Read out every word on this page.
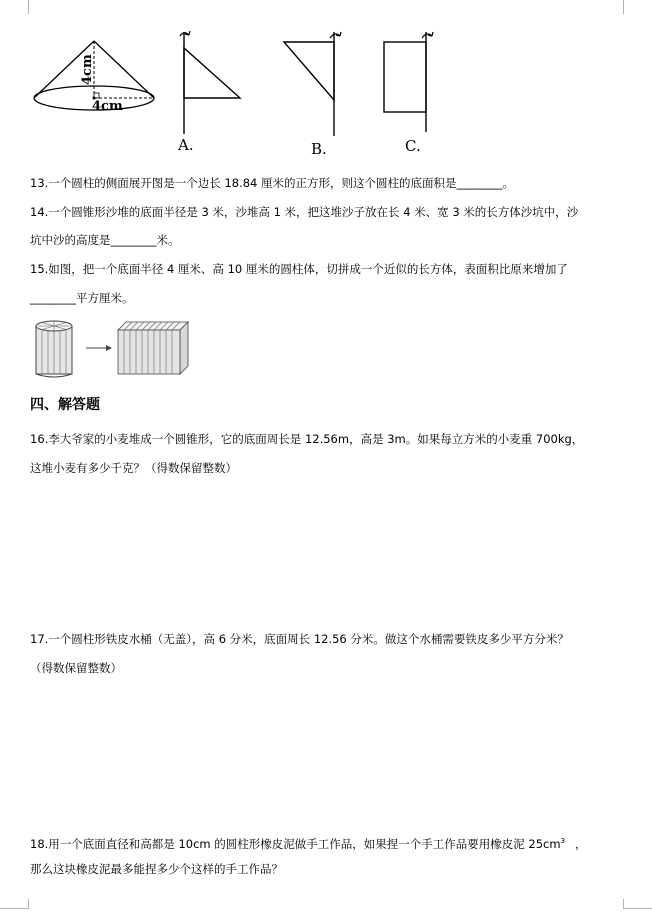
4cm
4cm
A.	B.	C.
13.一个圆柱的侧面展开图是一个边长 18.84 厘米的正方形，则这个圆柱的底面积是________。
14.一个圆锥形沙堆的底面半径是 3 米，沙堆高 1 米，把这堆沙子放在长 4 米、宽 3 米的长方体沙坑中，沙
坑中沙的高度是________米。
15.如图，把一个底面半径 4 厘米、高 10 厘米的圆柱体，切拼成一个近似的长方体，表面积比原来增加了
________平方厘米。
四、解答题
16.李大爷家的小麦堆成一个圆锥形，它的底面周长是 12.56m，高是 3m。如果每立方米的小麦重 700kg，
这堆小麦有多少千克？（得数保留整数）
17.一个圆柱形铁皮水桶（无盖），高 6 分米，底面周长 12.56 分米。做这个水桶需要铁皮多少平方分米？
（得数保留整数）
18.用一个底面直径和高都是 10cm 的圆柱形橡皮泥做手工作品，如果捏一个手工作品要用橡皮泥 $25cm^3$ ，
那么这块橡皮泥最多能捏多少个这样的手工作品？
